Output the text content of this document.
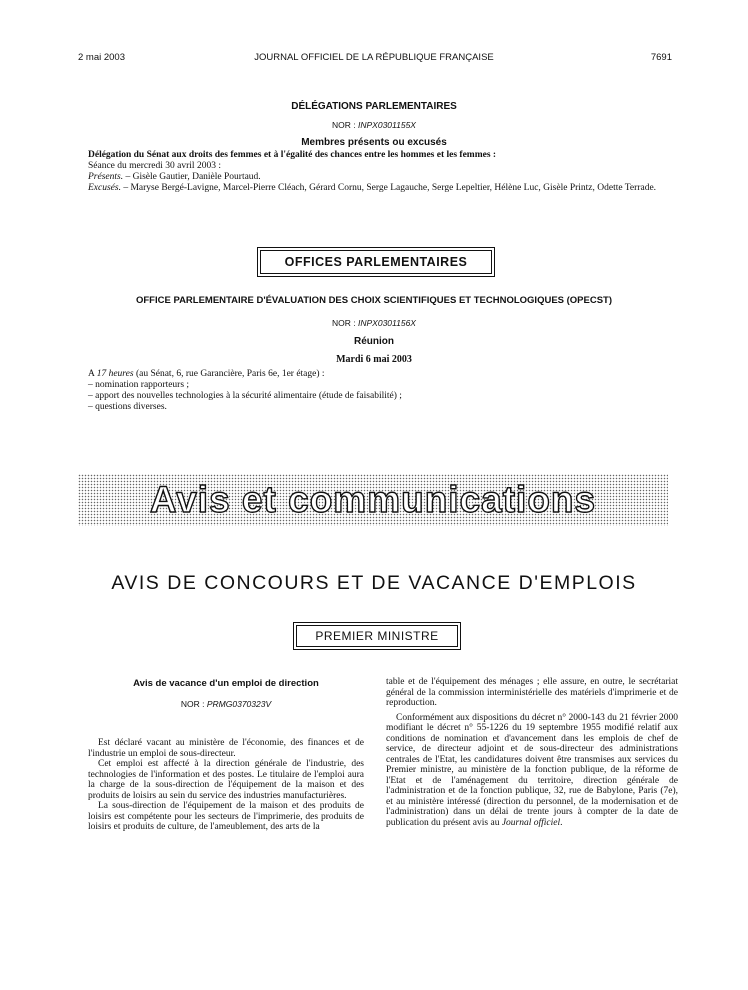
2 mai 2003	JOURNAL OFFICIEL DE LA RÉPUBLIQUE FRANÇAISE	7691
DÉLÉGATIONS PARLEMENTAIRES
NOR : INPX0301155X
Membres présents ou excusés

Délégation du Sénat aux droits des femmes et à l'égalité des chances entre les hommes et les femmes :

Séance du mercredi 30 avril 2003 :

Présents. – Gisèle Gautier, Danièle Pourtaud.

Excusés. – Maryse Bergé-Lavigne, Marcel-Pierre Cléach, Gérard Cornu, Serge Lagauche, Serge Lepeltier, Hélène Luc, Gisèle Printz, Odette Terrade.

OFFICES PARLEMENTAIRES
OFFICE PARLEMENTAIRE D'ÉVALUATION DES CHOIX SCIENTIFIQUES ET TECHNOLOGIQUES (OPECST)
NOR : INPX0301156X
Réunion
Mardi 6 mai 2003

A 17 heures (au Sénat, 6, rue Garancière, Paris 6e, 1er étage) :

– nomination rapporteurs ;

– apport des nouvelles technologies à la sécurité alimentaire (étude de faisabilité) ;

– questions diverses.

Avis et communications
AVIS DE CONCOURS ET DE VACANCE D'EMPLOIS
PREMIER MINISTRE
Avis de vacance d'un emploi de direction
NOR : PRMG0370323V

Est déclaré vacant au ministère de l'économie, des finances et de l'industrie un emploi de sous-directeur.

Cet emploi est affecté à la direction générale de l'industrie, des technologies de l'information et des postes. Le titulaire de l'emploi aura la charge de la sous-direction de l'équipement de la maison et des produits de loisirs au sein du service des industries manufacturières.

La sous-direction de l'équipement de la maison et des produits de loisirs est compétente pour les secteurs de l'imprimerie, des produits de loisirs et produits de culture, de l'ameublement, des arts de la

table et de l'équipement des ménages ; elle assure, en outre, le secrétariat général de la commission interministérielle des matériels d'imprimerie et de reproduction.

Conformément aux dispositions du décret n° 2000-143 du 21 février 2000 modifiant le décret n° 55-1226 du 19 septembre 1955 modifié relatif aux conditions de nomination et d'avancement dans les emplois de chef de service, de directeur adjoint et de sous-directeur des administrations centrales de l'Etat, les candidatures doivent être transmises aux services du Premier ministre, au ministère de la fonction publique, de la réforme de l'Etat et de l'aménagement du territoire, direction générale de l'administration et de la fonction publique, 32, rue de Babylone, Paris (7e), et au ministère intéressé (direction du personnel, de la modernisation et de l'administration) dans un délai de trente jours à compter de la date de publication du présent avis au Journal officiel.
